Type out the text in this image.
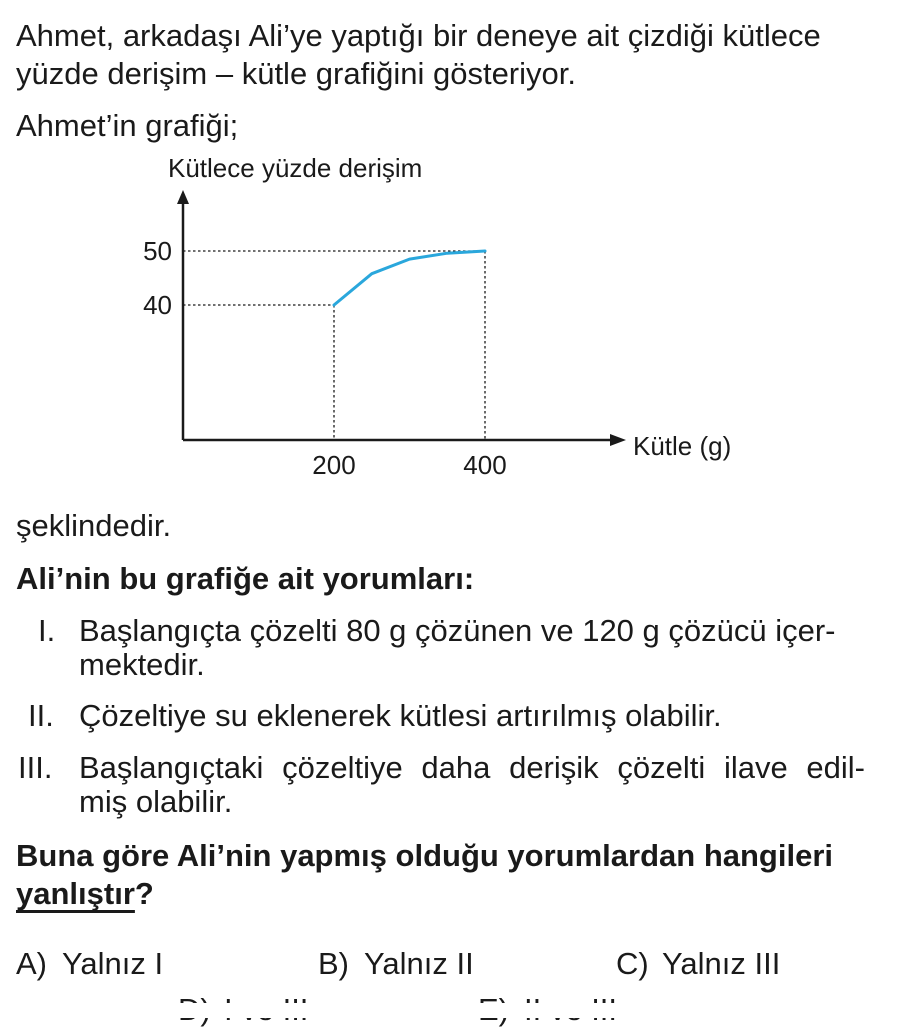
Ahmet, arkadaşı Ali’ye yaptığı bir deneye ait çizdiği kütlece
yüzde derişim – kütle grafiğini gösteriyor.
Ahmet’in grafiği;
Kütlece yüzde derişim
Kütle (g)
40
50
200	400
şeklindedir.
Ali’nin bu grafiğe ait yorumları:
I. Başlangıçta çözelti 80 g çözünen ve 120 g çözücü içer-
mektedir.
II. Çözeltiye su eklenerek kütlesi artırılmış olabilir.
III. Başlangıçtaki çözeltiye daha derişik çözelti ilave edil-
miş olabilir.
Buna göre Ali’nin yapmış olduğu yorumlardan hangileri
yanlıştır?
A) Yalnız I	B) Yalnız II	C) Yalnız III
